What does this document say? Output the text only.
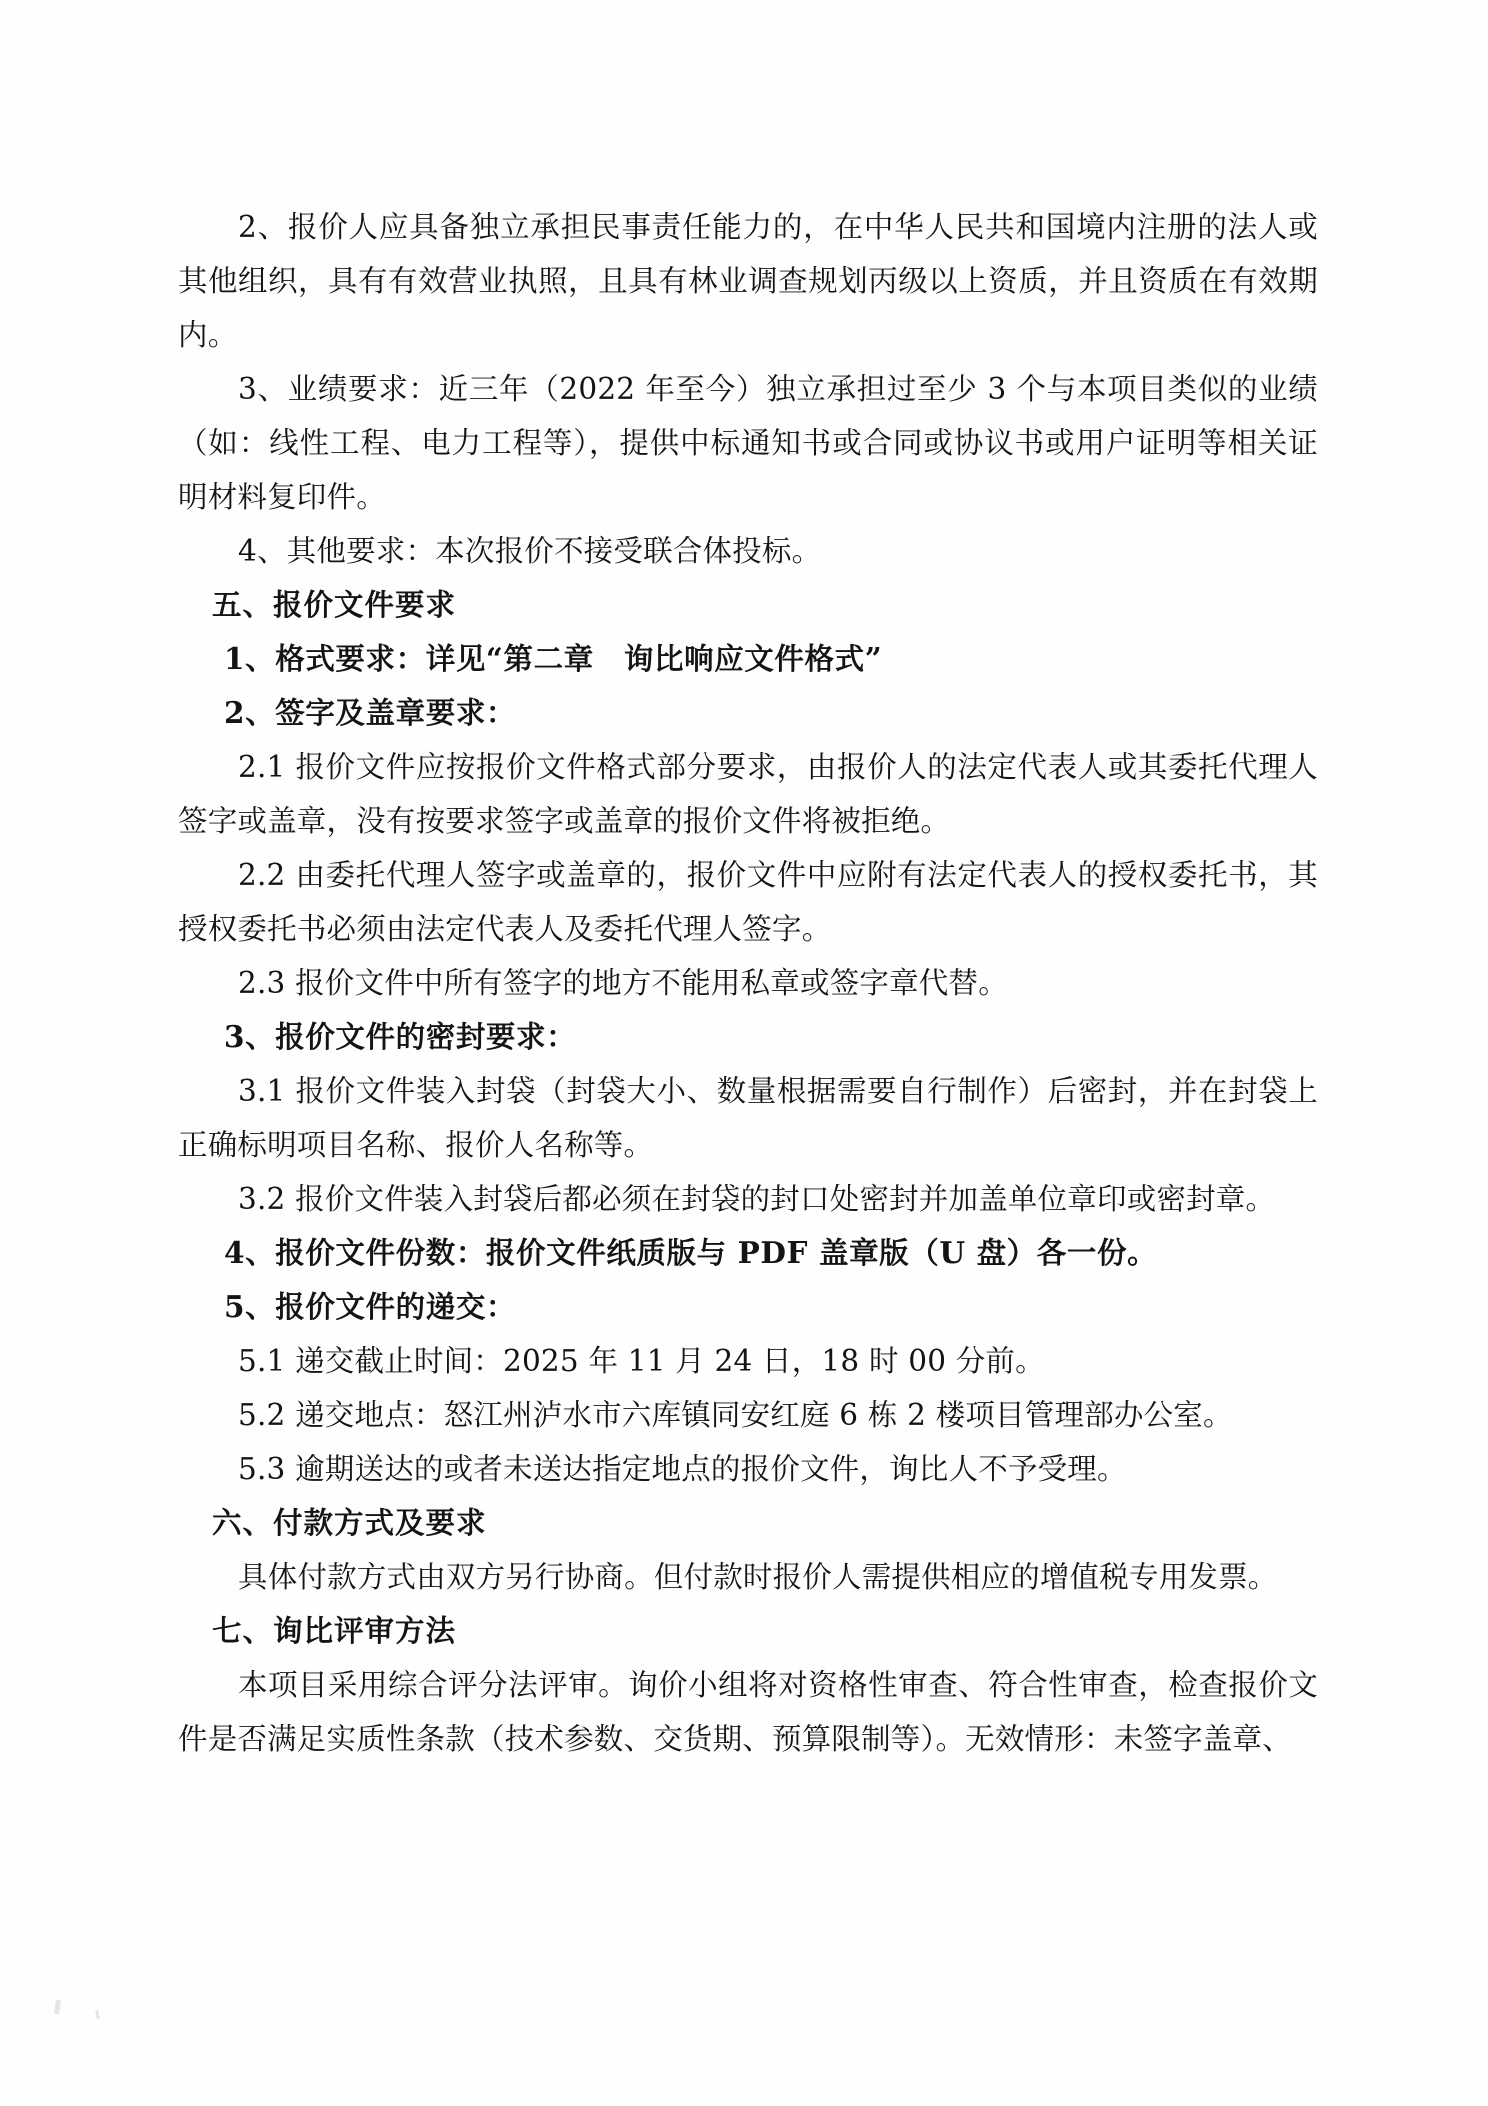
2、报价人应具备独立承担民事责任能力的，在中华人民共和国境内注册的法人或其他组织，具有有效营业执照，且具有林业调查规划丙级以上资质，并且资质在有效期内。

3、业绩要求：近三年（2022 年至今）独立承担过至少 3 个与本项目类似的业绩（如：线性工程、电力工程等），提供中标通知书或合同或协议书或用户证明等相关证明材料复印件。

4、其他要求：本次报价不接受联合体投标。

五、报价文件要求

1、格式要求：详见“第二章　询比响应文件格式”

2、签字及盖章要求：

2.1 报价文件应按报价文件格式部分要求，由报价人的法定代表人或其委托代理人签字或盖章，没有按要求签字或盖章的报价文件将被拒绝。

2.2 由委托代理人签字或盖章的，报价文件中应附有法定代表人的授权委托书，其授权委托书必须由法定代表人及委托代理人签字。

2.3 报价文件中所有签字的地方不能用私章或签字章代替。

3、报价文件的密封要求：

3.1 报价文件装入封袋（封袋大小、数量根据需要自行制作）后密封，并在封袋上正确标明项目名称、报价人名称等。

3.2 报价文件装入封袋后都必须在封袋的封口处密封并加盖单位章印或密封章。

4、报价文件份数：报价文件纸质版与 PDF 盖章版（U 盘）各一份。

5、报价文件的递交：

5.1 递交截止时间：2025 年 11 月 24 日，18 时 00 分前。

5.2 递交地点：怒江州泸水市六库镇同安红庭 6 栋 2 楼项目管理部办公室。

5.3 逾期送达的或者未送达指定地点的报价文件，询比人不予受理。

六、付款方式及要求

具体付款方式由双方另行协商。但付款时报价人需提供相应的增值税专用发票。

七、询比评审方法

本项目采用综合评分法评审。询价小组将对资格性审查、符合性审查，检查报价文件是否满足实质性条款（技术参数、交货期、预算限制等）。无效情形：未签字盖章、
